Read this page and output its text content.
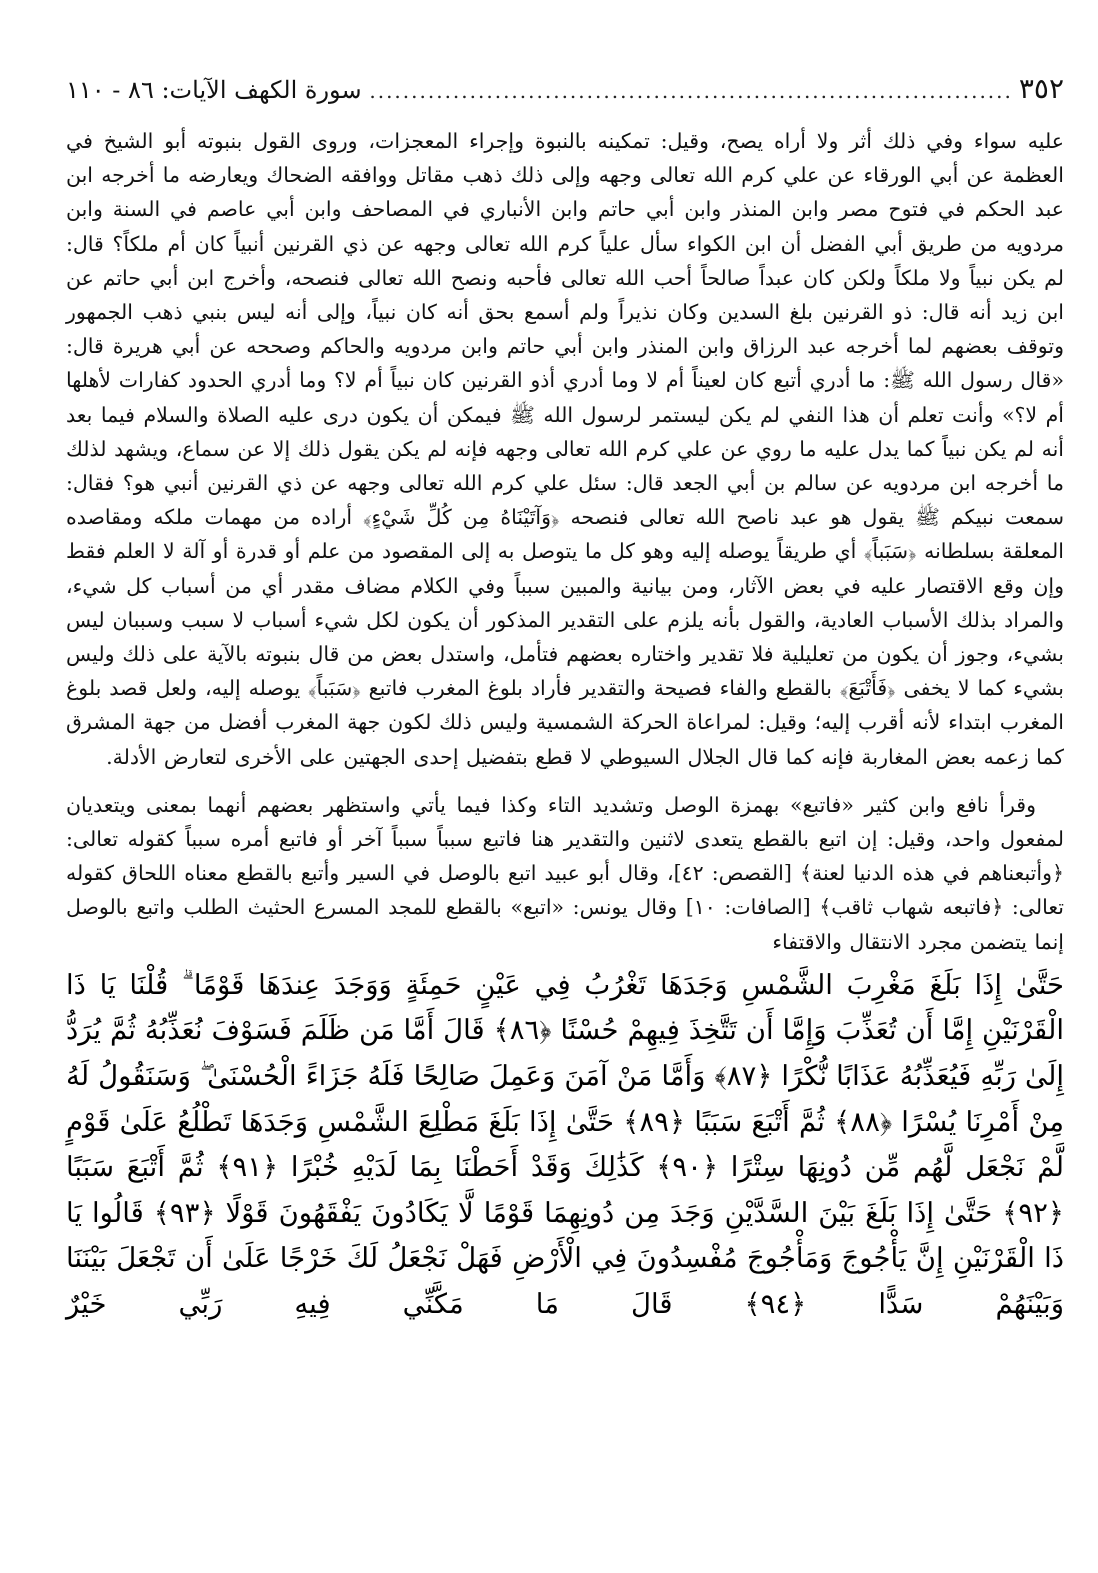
٣٥٢
.....
سورة الكهف الآيات: ٨٦ - ١١٠

عليه سواء وفي ذلك أثر ولا أراه يصح، وقيل: تمكينه بالنبوة وإجراء المعجزات، وروى القول بنبوته أبو الشيخ في العظمة عن أبي الورقاء عن علي كرم الله تعالى وجهه وإلى ذلك ذهب مقاتل ووافقه الضحاك ويعارضه ما أخرجه ابن عبد الحكم في فتوح مصر وابن المنذر وابن أبي حاتم وابن الأنباري في المصاحف وابن أبي عاصم في السنة وابن مردويه من طريق أبي الفضل أن ابن الكواء سأل علياً كرم الله تعالى وجهه عن ذي القرنين أنبياً كان أم ملكاً؟ قال: لم يكن نبياً ولا ملكاً ولكن كان عبداً صالحاً أحب الله تعالى فأحبه ونصح الله تعالى فنصحه، وأخرج ابن أبي حاتم عن ابن زيد أنه قال: ذو القرنين بلغ السدين وكان نذيراً ولم أسمع بحق أنه كان نبياً، وإلى أنه ليس بنبي ذهب الجمهور وتوقف بعضهم لما أخرجه عبد الرزاق وابن المنذر وابن أبي حاتم وابن مردويه والحاكم وصححه عن أبي هريرة قال: «قال رسول الله ﷺ: ما أدري أتبع كان لعيناً أم لا وما أدري أذو القرنين كان نبياً أم لا؟ وما أدري الحدود كفارات لأهلها أم لا؟» وأنت تعلم أن هذا النفي لم يكن ليستمر لرسول الله ﷺ فيمكن أن يكون درى عليه الصلاة والسلام فيما بعد أنه لم يكن نبياً كما يدل عليه ما روي عن علي كرم الله تعالى وجهه فإنه لم يكن يقول ذلك إلا عن سماع، ويشهد لذلك ما أخرجه ابن مردويه عن سالم بن أبي الجعد قال: سئل علي كرم الله تعالى وجهه عن ذي القرنين أنبي هو؟ فقال: سمعت نبيكم ﷺ يقول هو عبد ناصح الله تعالى فنصحه ﴿وَآتَيْنَاهُ مِن كُلِّ شَيْءٍ﴾ أراده من مهمات ملكه ومقاصده المعلقة بسلطانه ﴿سَبَباً﴾ أي طريقاً يوصله إليه وهو كل ما يتوصل به إلى المقصود من علم أو قدرة أو آلة لا العلم فقط وإن وقع الاقتصار عليه في بعض الآثار، ومن بيانية والمبين سبباً وفي الكلام مضاف مقدر أي من أسباب كل شيء، والمراد بذلك الأسباب العادية، والقول بأنه يلزم على التقدير المذكور أن يكون لكل شيء أسباب لا سبب وسببان ليس بشيء، وجوز أن يكون من تعليلية فلا تقدير واختاره بعضهم فتأمل، واستدل بعض من قال بنبوته بالآية على ذلك وليس بشيء كما لا يخفى ﴿فَأَتْبَعَ﴾ بالقطع والفاء فصيحة والتقدير فأراد بلوغ المغرب فاتبع ﴿سَبَباً﴾ يوصله إليه، ولعل قصد بلوغ المغرب ابتداء لأنه أقرب إليه؛ وقيل: لمراعاة الحركة الشمسية وليس ذلك لكون جهة المغرب أفضل من جهة المشرق كما زعمه بعض المغاربة فإنه كما قال الجلال السيوطي لا قطع بتفضيل إحدى الجهتين على الأخرى لتعارض الأدلة.

وقرأ نافع وابن كثير «فاتبع» بهمزة الوصل وتشديد التاء وكذا فيما يأتي واستظهر بعضهم أنهما بمعنى ويتعديان لمفعول واحد، وقيل: إن اتبع بالقطع يتعدى لاثنين والتقدير هنا فاتبع سبباً سبباً آخر أو فاتبع أمره سبباً كقوله تعالى: ﴿وأتبعناهم في هذه الدنيا لعنة﴾ [القصص: ٤٢]، وقال أبو عبيد اتبع بالوصل في السير وأتبع بالقطع معناه اللحاق كقوله تعالى: ﴿فاتبعه شهاب ثاقب﴾ [الصافات: ١٠] وقال يونس: «اتبع» بالقطع للمجد المسرع الحثيث الطلب واتبع بالوصل إنما يتضمن مجرد الانتقال والاقتفاء

حَتَّىٰ إِذَا بَلَغَ مَغْرِبَ الشَّمْسِ وَجَدَهَا تَغْرُبُ فِي عَيْنٍ حَمِئَةٍ وَوَجَدَ عِندَهَا قَوْمًا ۗ قُلْنَا يَا ذَا الْقَرْنَيْنِ إِمَّا أَن تُعَذِّبَ وَإِمَّا أَن تَتَّخِذَ فِيهِمْ حُسْنًا ﴿٨٦﴾ قَالَ أَمَّا مَن ظَلَمَ فَسَوْفَ نُعَذِّبُهُ ثُمَّ يُرَدُّ إِلَىٰ رَبِّهِ فَيُعَذِّبُهُ عَذَابًا نُّكْرًا ﴿٨٧﴾ وَأَمَّا مَنْ آمَنَ وَعَمِلَ صَالِحًا فَلَهُ جَزَاءً الْحُسْنَىٰ ۖ وَسَنَقُولُ لَهُ مِنْ أَمْرِنَا يُسْرًا ﴿٨٨﴾ ثُمَّ أَتْبَعَ سَبَبًا ﴿٨٩﴾ حَتَّىٰ إِذَا بَلَغَ مَطْلِعَ الشَّمْسِ وَجَدَهَا تَطْلُعُ عَلَىٰ قَوْمٍ لَّمْ نَجْعَل لَّهُم مِّن دُونِهَا سِتْرًا ﴿٩٠﴾ كَذَٰلِكَ وَقَدْ أَحَطْنَا بِمَا لَدَيْهِ خُبْرًا ﴿٩١﴾ ثُمَّ أَتْبَعَ سَبَبًا ﴿٩٢﴾ حَتَّىٰ إِذَا بَلَغَ بَيْنَ السَّدَّيْنِ وَجَدَ مِن دُونِهِمَا قَوْمًا لَّا يَكَادُونَ يَفْقَهُونَ قَوْلًا ﴿٩٣﴾ قَالُوا يَا ذَا الْقَرْنَيْنِ إِنَّ يَأْجُوجَ وَمَأْجُوجَ مُفْسِدُونَ فِي الْأَرْضِ فَهَلْ نَجْعَلُ لَكَ خَرْجًا عَلَىٰ أَن تَجْعَلَ بَيْنَنَا وَبَيْنَهُمْ سَدًّا ﴿٩٤﴾ قَالَ مَا مَكَّنِّي فِيهِ رَبِّي خَيْرٌ
